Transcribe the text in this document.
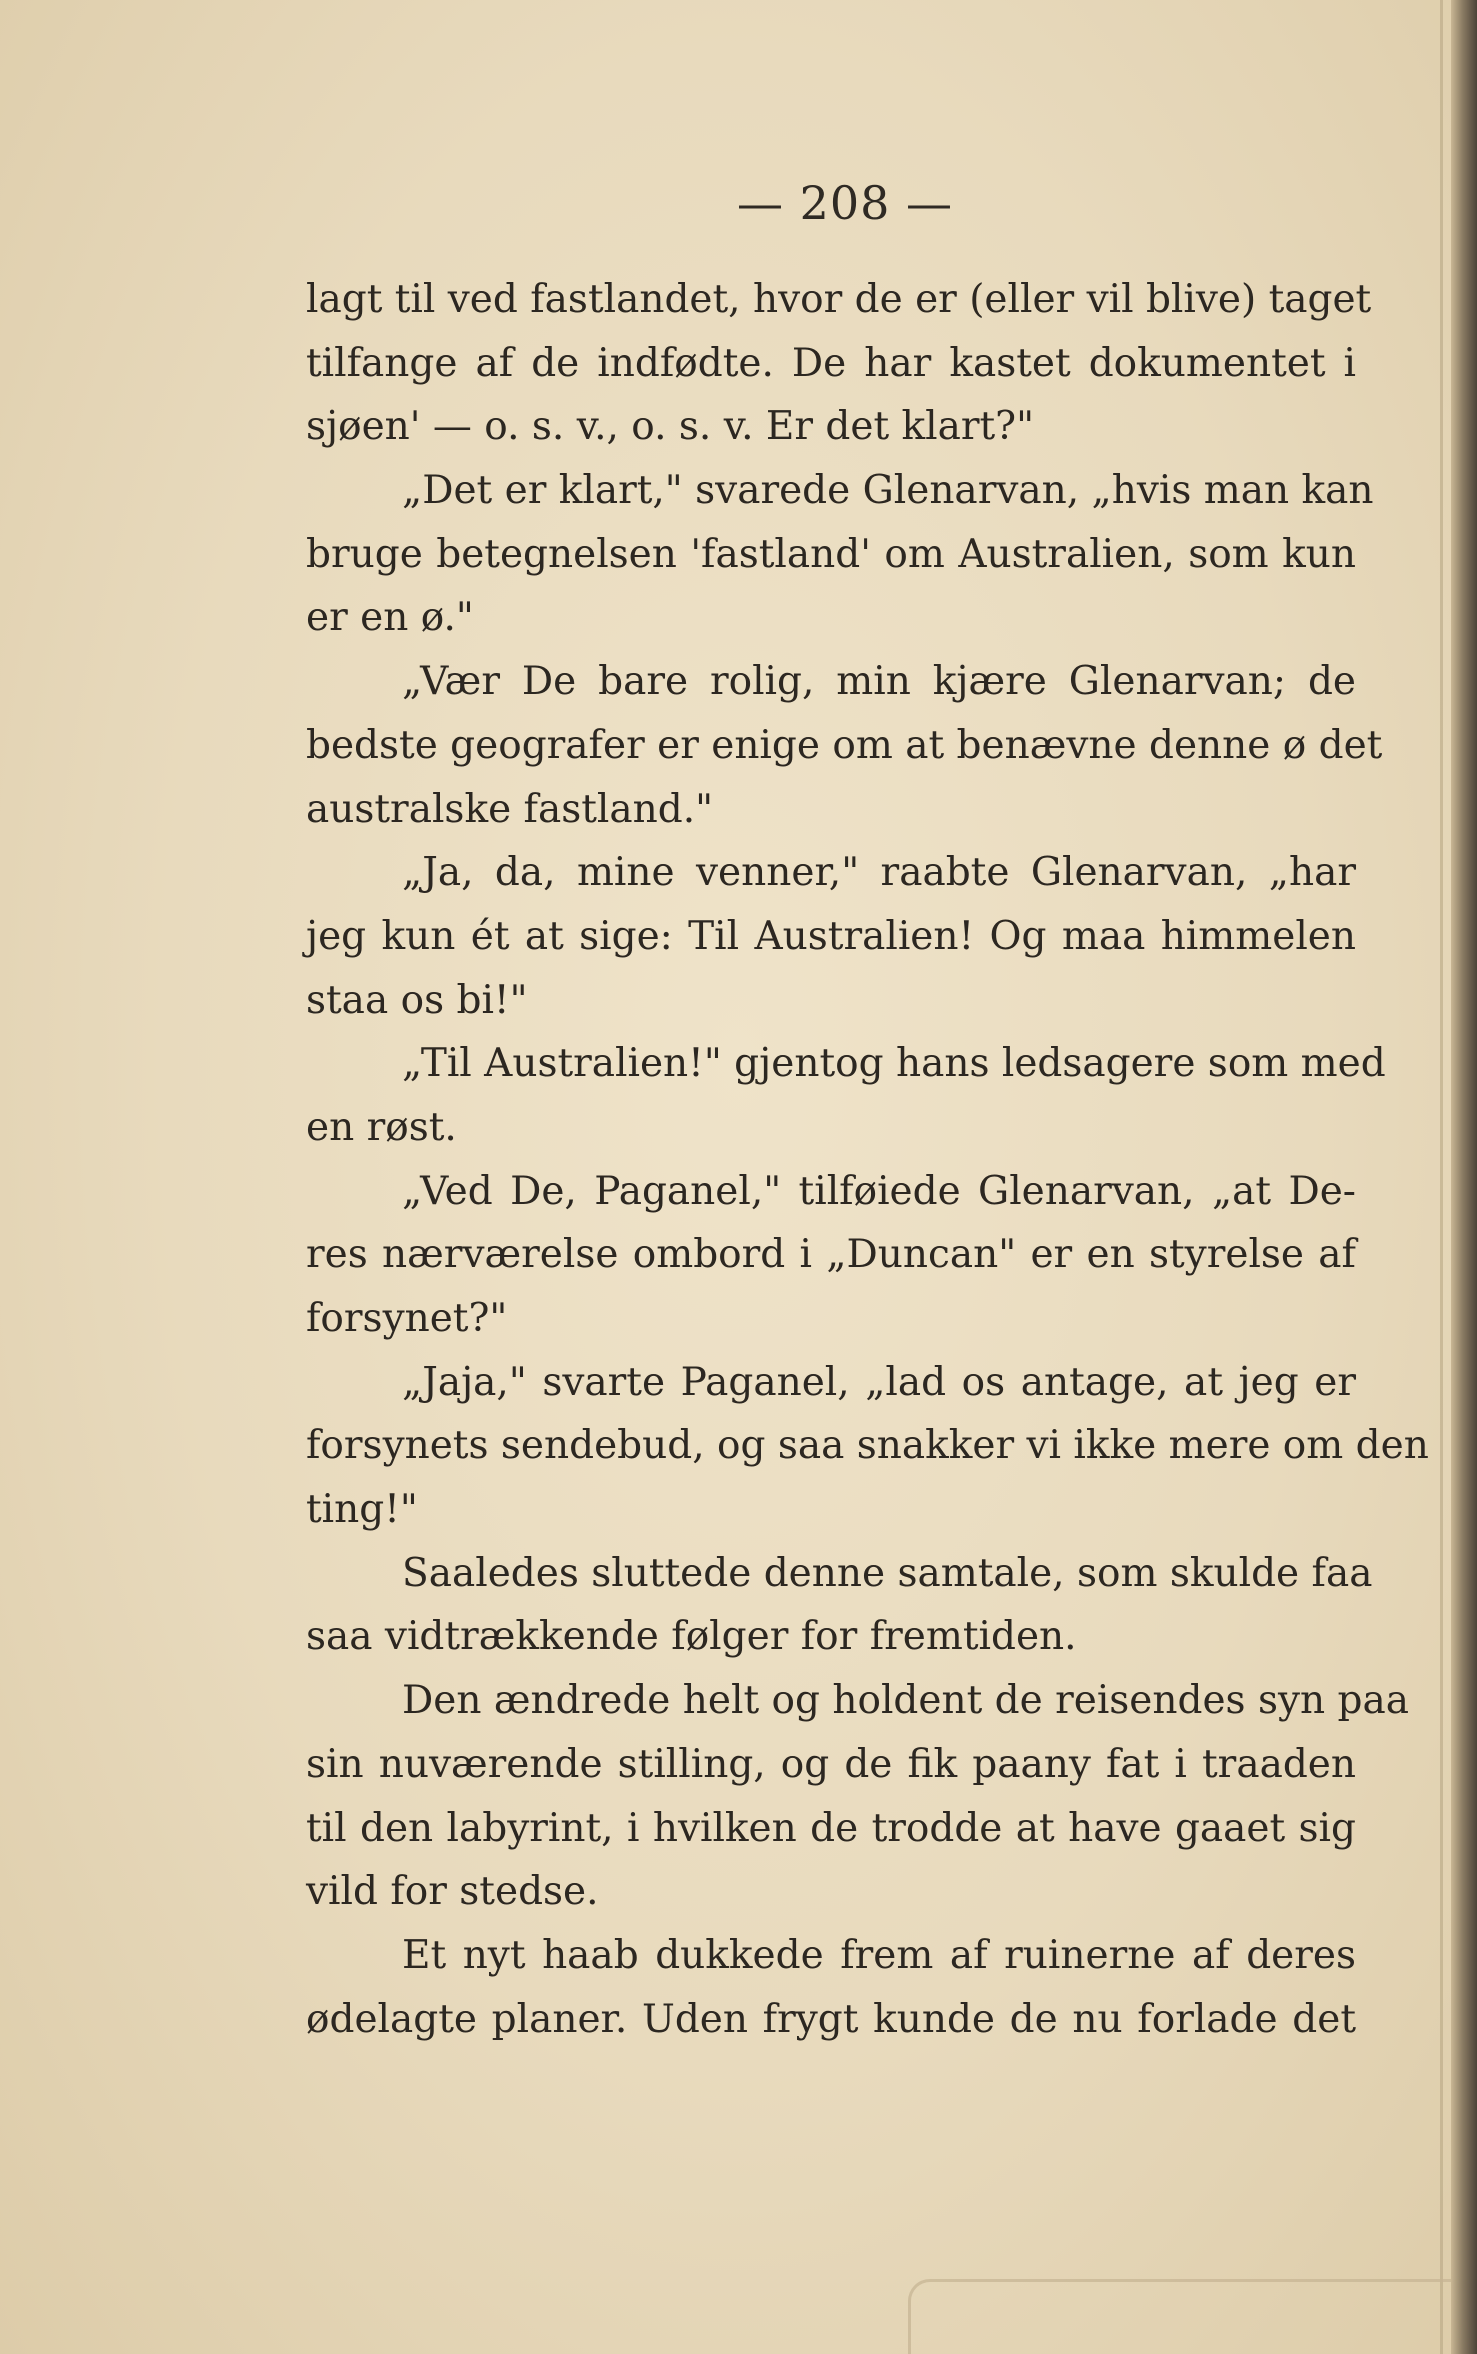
— 208 —
lagt til ved fastlandet, hvor de er (eller vil blive) taget
tilfange af de indfødte. De har kastet dokumentet i
sjøen' — o. s. v., o. s. v. Er det klart?"
„Det er klart," svarede Glenarvan, „hvis man kan
bruge betegnelsen 'fastland' om Australien, som kun
er en ø."
„Vær De bare rolig, min kjære Glenarvan; de
bedste geografer er enige om at benævne denne ø det
australske fastland."
„Ja, da, mine venner," raabte Glenarvan, „har
jeg kun ét at sige: Til Australien! Og maa himmelen
staa os bi!"
„Til Australien!" gjentog hans ledsagere som med
en røst.
„Ved De, Paganel," tilføiede Glenarvan, „at De-
res nærværelse ombord i „Duncan" er en styrelse af
forsynet?"
„Jaja," svarte Paganel, „lad os antage, at jeg er
forsynets sendebud, og saa snakker vi ikke mere om den
ting!"
Saaledes sluttede denne samtale, som skulde faa
saa vidtrækkende følger for fremtiden.
Den ændrede helt og holdent de reisendes syn paa
sin nuværende stilling, og de fik paany fat i traaden
til den labyrint, i hvilken de trodde at have gaaet sig
vild for stedse.
Et nyt haab dukkede frem af ruinerne af deres
ødelagte planer. Uden frygt kunde de nu forlade det
